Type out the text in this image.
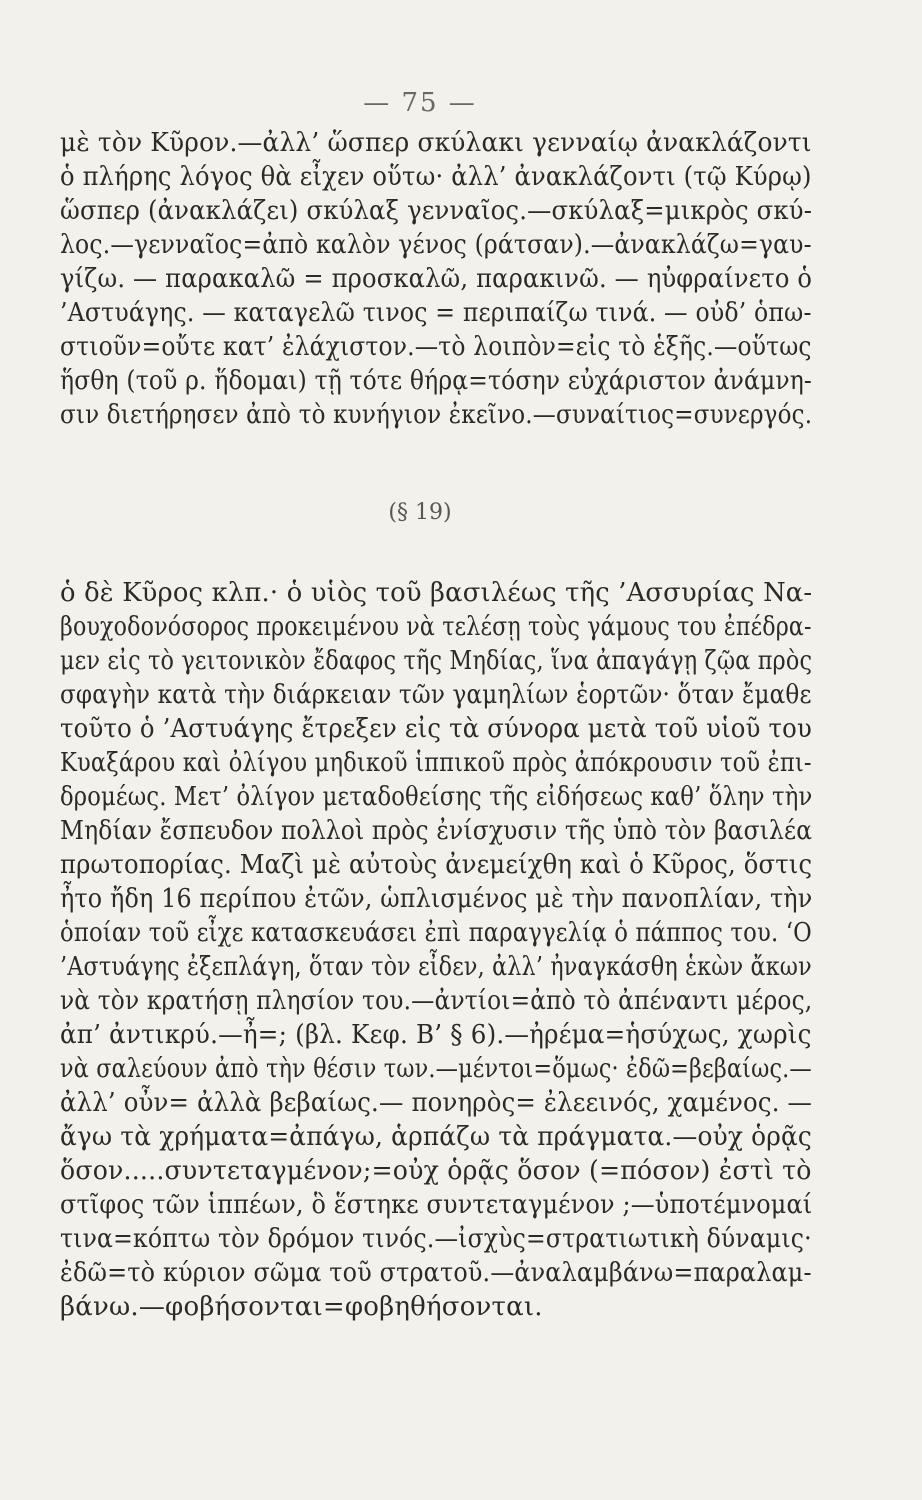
— 75 —
μὲ τὸν Κῦρον.—ἀλλ’ ὥσπερ σκύλακι γενναίῳ ἀνακλάζοντι
ὁ πλήρης λόγος θὰ εἶχεν οὕτω· ἀλλ’ ἀνακλάζοντι (τῷ Κύρῳ)
ὥσπερ (ἀνακλάζει) σκύλαξ γενναῖος.—σκύλαξ=μικρὸς σκύ-
λος.—γενναῖος=ἀπὸ καλὸν γένος (ράτσαν).—ἀνακλάζω=γαυ-
γίζω. — παρακαλῶ = προσκαλῶ, παρακινῶ. — ηὐφραίνετο ὁ
’Αστυάγης. — καταγελῶ τινος = περιπαίζω τινά. — οὐδ’ ὁπω-
στιοῦν=οὔτε κατ’ ἐλάχιστον.—τὸ λοιπὸν=εἰς τὸ ἑξῆς.—οὕτως
ἥσθη (τοῦ ρ. ἥδομαι) τῇ τότε θήρᾳ=τόσην εὐχάριστον ἀνάμνη-
σιν διετήρησεν ἀπὸ τὸ κυνήγιον ἐκεῖνο.—συναίτιος=συνεργός.
(§ 19)
ὁ δὲ Κῦρος κλπ.· ὁ υἱὸς τοῦ βασιλέως τῆς ’Ασσυρίας Να-
βουχοδονόσορος προκειμένου νὰ τελέσῃ τοὺς γάμους του ἐπέδρα-
μεν εἰς τὸ γειτονικὸν ἔδαφος τῆς Μηδίας, ἵνα ἀπαγάγῃ ζῷα πρὸς
σφαγὴν κατὰ τὴν διάρκειαν τῶν γαμηλίων ἑορτῶν· ὅταν ἔμαθε
τοῦτο ὁ ’Αστυάγης ἔτρεξεν εἰς τὰ σύνορα μετὰ τοῦ υἱοῦ του
Κυαξάρου καὶ ὀλίγου μηδικοῦ ἱππικοῦ πρὸς ἀπόκρουσιν τοῦ ἐπι-
δρομέως. Μετ’ ὀλίγον μεταδοθείσης τῆς εἰδήσεως καθ’ ὅλην τὴν
Μηδίαν ἔσπευδον πολλοὶ πρὸς ἐνίσχυσιν τῆς ὑπὸ τὸν βασιλέα
πρωτοπορίας. Μαζὶ μὲ αὐτοὺς ἀνεμείχθη καὶ ὁ Κῦρος, ὅστις
ἦτο ἤδη 16 περίπου ἐτῶν, ὡπλισμένος μὲ τὴν πανοπλίαν, τὴν
ὁποίαν τοῦ εἶχε κατασκευάσει ἐπὶ παραγγελίᾳ ὁ πάππος του. ‘Ο
’Αστυάγης ἐξεπλάγη, ὅταν τὸν εἶδεν, ἀλλ’ ἠναγκάσθη ἑκὼν ἄκων
νὰ τὸν κρατήσῃ πλησίον του.—ἀντίοι=ἀπὸ τὸ ἀπέναντι μέρος,
ἀπ’ ἀντικρύ.—ἦ=; (βλ. Κεφ. Β’ § 6).—ἠρέμα=ἡσύχως, χωρὶς
νὰ σαλεύουν ἀπὸ τὴν θέσιν των.—μέντοι=ὅμως· ἐδῶ=βεβαίως.—
ἀλλ’ οὖν= ἀλλὰ βεβαίως.— πονηρὸς= ἐλεεινός, χαμένος. —
ἄγω τὰ χρήματα=ἀπάγω, ἁρπάζω τὰ πράγματα.—οὐχ ὁρᾷς
ὅσον.....συντεταγμένον;=οὐχ ὁρᾷς ὅσον (=πόσον) ἐστὶ τὸ
στῖφος τῶν ἱππέων, ὃ ἕστηκε συντεταγμένον ;—ὑποτέμνομαί
τινα=κόπτω τὸν δρόμον τινός.—ἰσχὺς=στρατιωτικὴ δύναμις·
ἐδῶ=τὸ κύριον σῶμα τοῦ στρατοῦ.—ἀναλαμβάνω=παραλαμ-
βάνω.—φοβήσονται=φοβηθήσονται.
